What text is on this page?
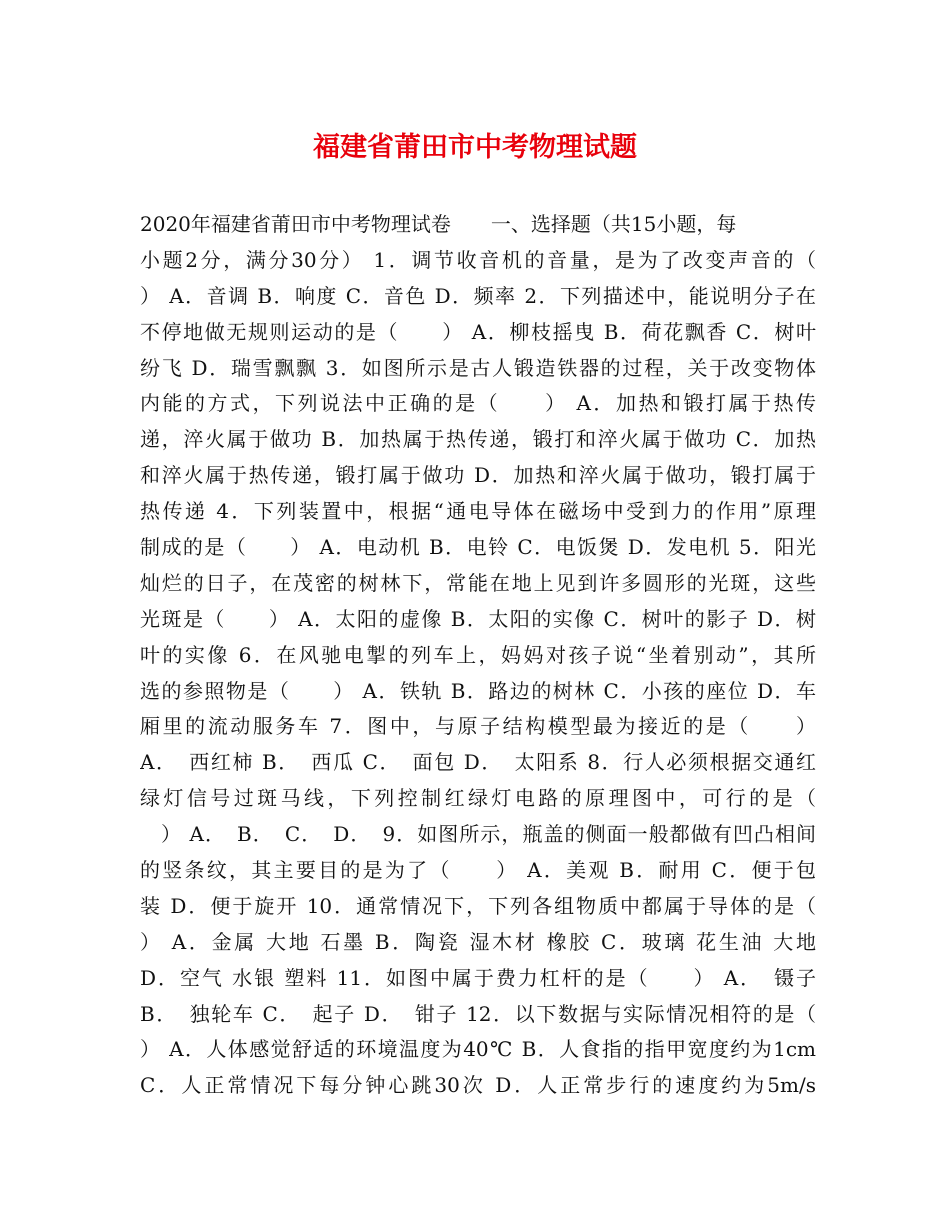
福建省莆田市中考物理试题
2020年福建省莆田市中考物理试卷　　一、选择题（共15小题，每
小题2分，满分30分） 1．调节收音机的音量，是为了改变声音的（
） A．音调 B．响度 C．音色 D．频率 2．下列描述中，能说明分子在
不停地做无规则运动的是（　　） A．柳枝摇曳 B．荷花飘香 C．树叶
纷飞 D．瑞雪飘飘 3．如图所示是古人锻造铁器的过程，关于改变物体
内能的方式，下列说法中正确的是（　　） A．加热和锻打属于热传
递，淬火属于做功 B．加热属于热传递，锻打和淬火属于做功 C．加热
和淬火属于热传递，锻打属于做功 D．加热和淬火属于做功，锻打属于
热传递 4．下列装置中，根据“通电导体在磁场中受到力的作用”原理
制成的是（　　） A．电动机 B．电铃 C．电饭煲 D．发电机 5．阳光
灿烂的日子，在茂密的树林下，常能在地上见到许多圆形的光斑，这些
光斑是（　　） A．太阳的虚像 B．太阳的实像 C．树叶的影子 D．树
叶的实像 6．在风驰电掣的列车上，妈妈对孩子说“坐着别动”，其所
选的参照物是（　　） A．铁轨 B．路边的树林 C．小孩的座位 D．车
厢里的流动服务车 7．图中，与原子结构模型最为接近的是（　　）
A．　西红柿 B．　西瓜 C．　面包 D．　太阳系 8．行人必须根据交通红
绿灯信号过斑马线，下列控制红绿灯电路的原理图中，可行的是（
　） A．　B．　C．　D．　9．如图所示，瓶盖的侧面一般都做有凹凸相间
的竖条纹，其主要目的是为了（　　） A．美观 B．耐用 C．便于包
装 D．便于旋开 10．通常情况下，下列各组物质中都属于导体的是（
） A．金属 大地 石墨 B．陶瓷 湿木材 橡胶 C．玻璃 花生油 大地
D．空气 水银 塑料 11．如图中属于费力杠杆的是（　　） A．　镊子
B．　独轮车 C．　起子 D．　钳子 12．以下数据与实际情况相符的是（
） A．人体感觉舒适的环境温度为40℃ B．人食指的指甲宽度约为1cm
C．人正常情况下每分钟心跳30次 D．人正常步行的速度约为5m/s
